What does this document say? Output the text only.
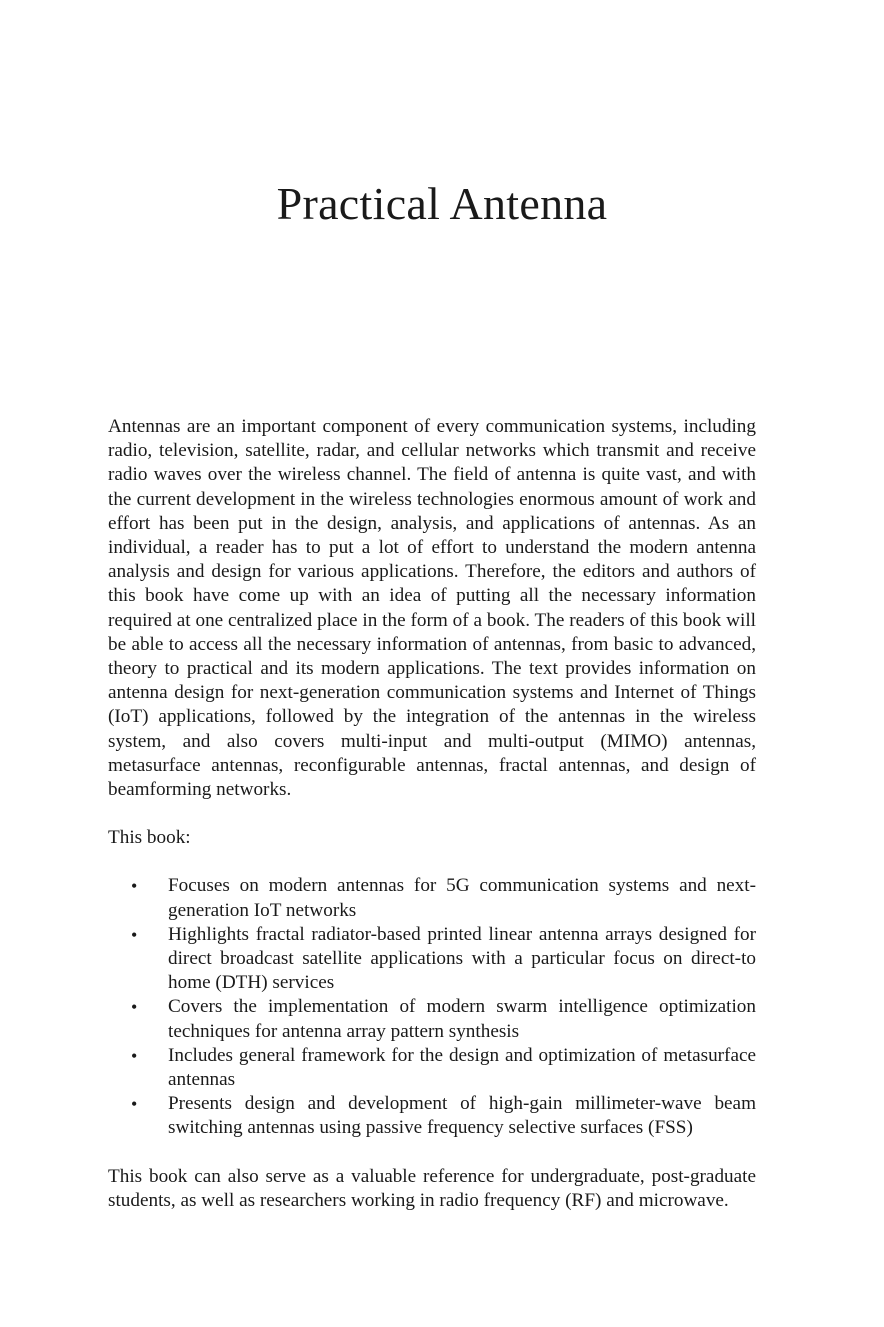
Practical Antenna

Antennas are an important component of every communication systems, including radio, television, satellite, radar, and cellular networks which transmit and receive radio waves over the wireless channel. The field of antenna is quite vast, and with the current development in the wireless technologies enormous amount of work and effort has been put in the design, analysis, and applications of antennas. As an individual, a reader has to put a lot of effort to understand the modern antenna analysis and design for various applications. Therefore, the editors and authors of this book have come up with an idea of putting all the necessary information required at one centralized place in the form of a book. The readers of this book will be able to access all the necessary information of antennas, from basic to advanced, theory to practical and its modern applications. The text provides information on antenna design for next-generation communication systems and Internet of Things (IoT) applications, followed by the integration of the antennas in the wireless system, and also covers multi-input and multi-output (MIMO) antennas, metasurface antennas, reconfigurable antennas, fractal antennas, and design of beamforming networks.

This book:

• Focuses on modern antennas for 5G communication systems and next-generation IoT networks
• Highlights fractal radiator-based printed linear antenna arrays designed for direct broadcast satellite applications with a particular focus on direct-to home (DTH) services
• Covers the implementation of modern swarm intelligence optimization techniques for antenna array pattern synthesis
• Includes general framework for the design and optimization of metasurface antennas
• Presents design and development of high-gain millimeter-wave beam switching antennas using passive frequency selective surfaces (FSS)

This book can also serve as a valuable reference for undergraduate, post-graduate students, as well as researchers working in radio frequency (RF) and microwave.
